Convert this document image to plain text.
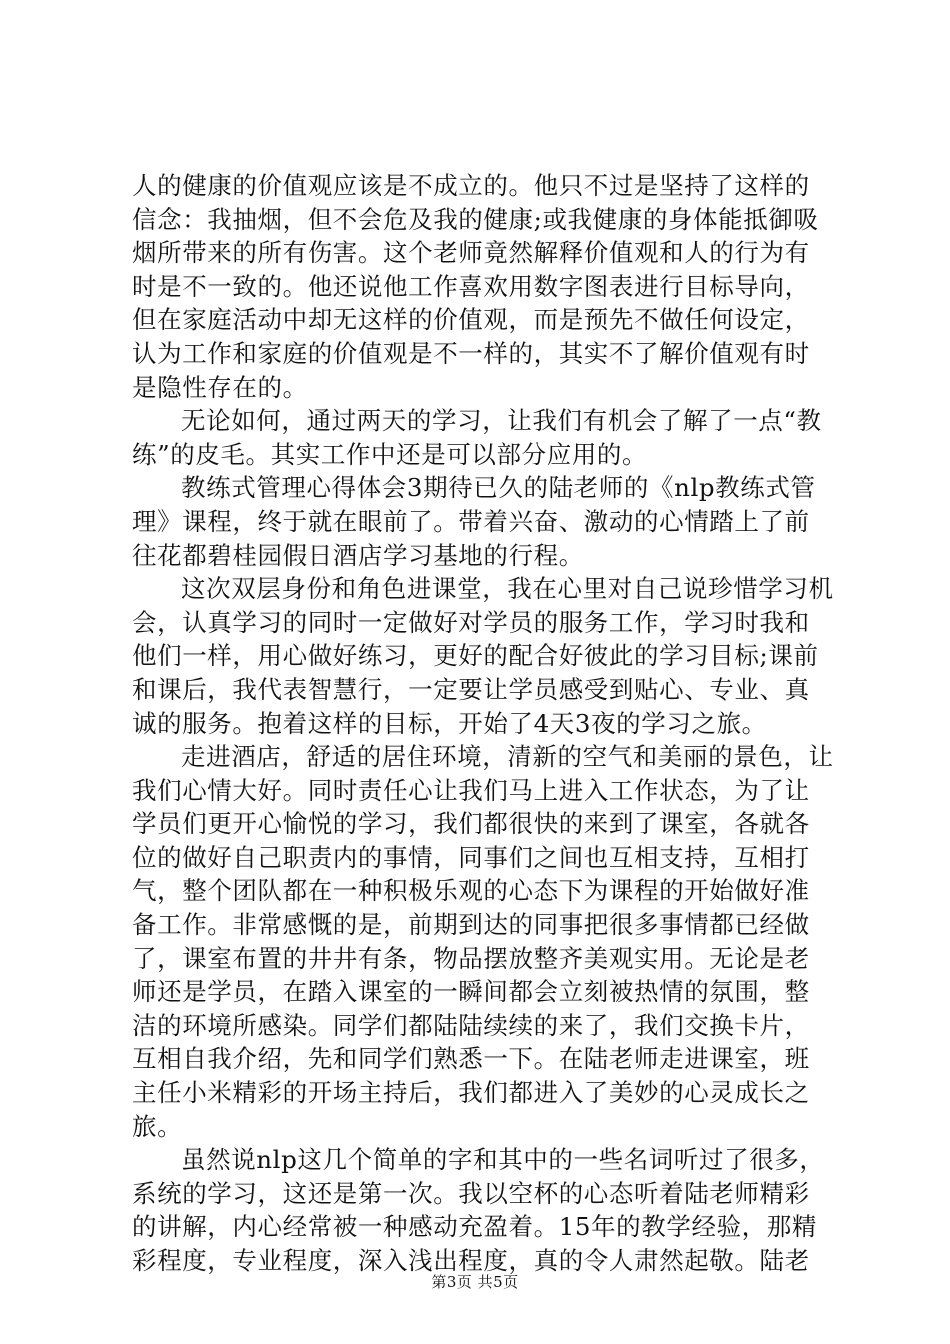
人的健康的价值观应该是不成立的。他只不过是坚持了这样的信念：我抽烟，但不会危及我的健康;或我健康的身体能抵御吸烟所带来的所有伤害。这个老师竟然解释价值观和人的行为有时是不一致的。他还说他工作喜欢用数字图表进行目标导向，但在家庭活动中却无这样的价值观，而是预先不做任何设定，认为工作和家庭的价值观是不一样的，其实不了解价值观有时是隐性存在的。

无论如何，通过两天的学习，让我们有机会了解了一点“教练”的皮毛。其实工作中还是可以部分应用的。

教练式管理心得体会3期待已久的陆老师的《nlp教练式管理》课程，终于就在眼前了。带着兴奋、激动的心情踏上了前往花都碧桂园假日酒店学习基地的行程。

这次双层身份和角色进课堂，我在心里对自己说珍惜学习机会，认真学习的同时一定做好对学员的服务工作，学习时我和他们一样，用心做好练习，更好的配合好彼此的学习目标;课前和课后，我代表智慧行，一定要让学员感受到贴心、专业、真诚的服务。抱着这样的目标，开始了4天3夜的学习之旅。

走进酒店，舒适的居住环境，清新的空气和美丽的景色，让我们心情大好。同时责任心让我们马上进入工作状态，为了让学员们更开心愉悦的学习，我们都很快的来到了课室，各就各位的做好自己职责内的事情，同事们之间也互相支持，互相打气，整个团队都在一种积极乐观的心态下为课程的开始做好准备工作。非常感慨的是，前期到达的同事把很多事情都已经做了，课室布置的井井有条，物品摆放整齐美观实用。无论是老师还是学员，在踏入课室的一瞬间都会立刻被热情的氛围，整洁的环境所感染。同学们都陆陆续续的来了，我们交换卡片，互相自我介绍，先和同学们熟悉一下。在陆老师走进课室，班主任小米精彩的开场主持后，我们都进入了美妙的心灵成长之旅。

虽然说nlp这几个简单的字和其中的一些名词听过了很多，系统的学习，这还是第一次。我以空杯的心态听着陆老师精彩的讲解，内心经常被一种感动充盈着。15年的教学经验，那精彩程度，专业程度，深入浅出程度，真的令人肃然起敬。陆老

第3页 共5页
